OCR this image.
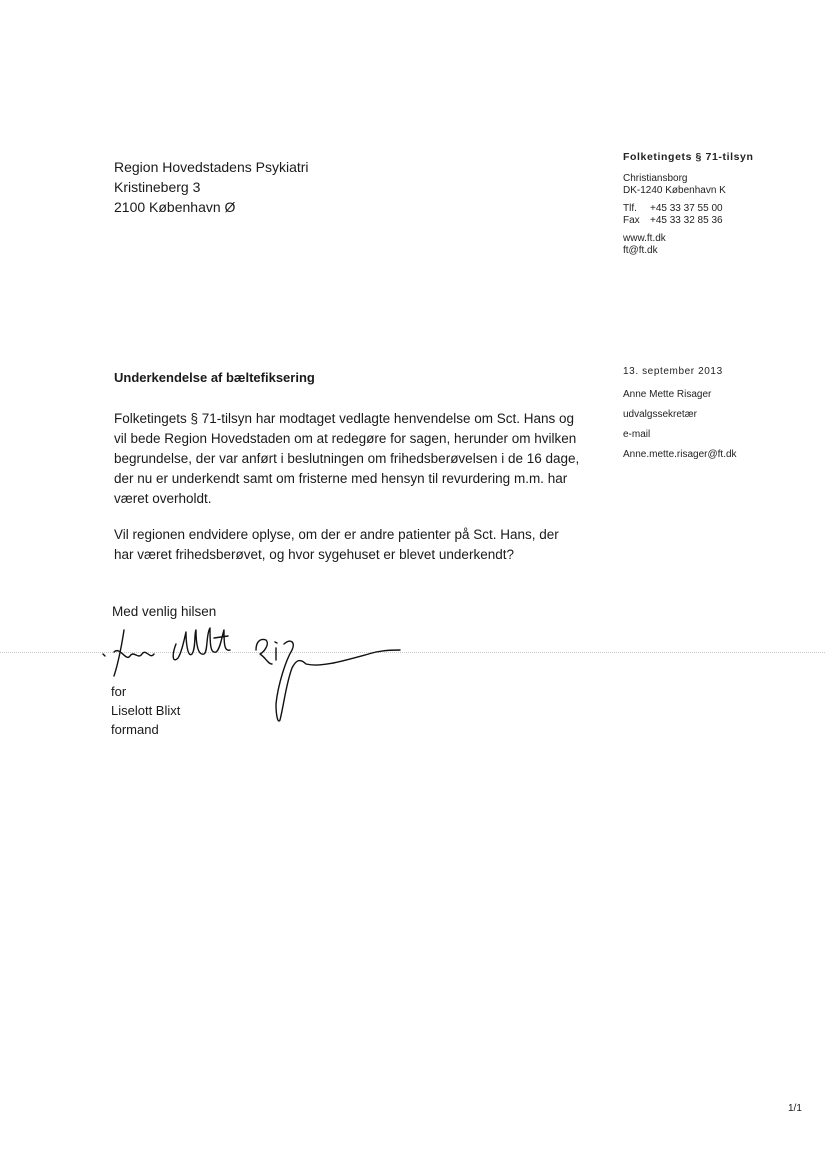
Region Hovedstadens Psykiatri
Kristineberg 3
2100 København Ø
Folketingets § 71-tilsyn
Christiansborg
DK-1240 København K
Tlf.	+45 33 37 55 00
Fax	+45 33 32 85 36
www.ft.dk
ft@ft.dk
13. september 2013
Anne Mette Risager
udvalgssekretær
e-mail
Anne.mette.risager@ft.dk
Underkendelse af bæltefiksering

Folketingets § 71-tilsyn har modtaget vedlagte henvendelse om Sct. Hans og
vil bede Region Hovedstaden om at redegøre for sagen, herunder om hvilken
begrundelse, der var anført i beslutningen om frihedsberøvelsen i de 16 dage,
der nu er underkendt samt om fristerne med hensyn til revurdering m.m. har
været overholdt.

Vil regionen endvidere oplyse, om der er andre patienter på Sct. Hans, der
har været frihedsberøvet, og hvor sygehuset er blevet underkendt?

Med venlig hilsen
for
Liselott Blixt
formand
1/1
